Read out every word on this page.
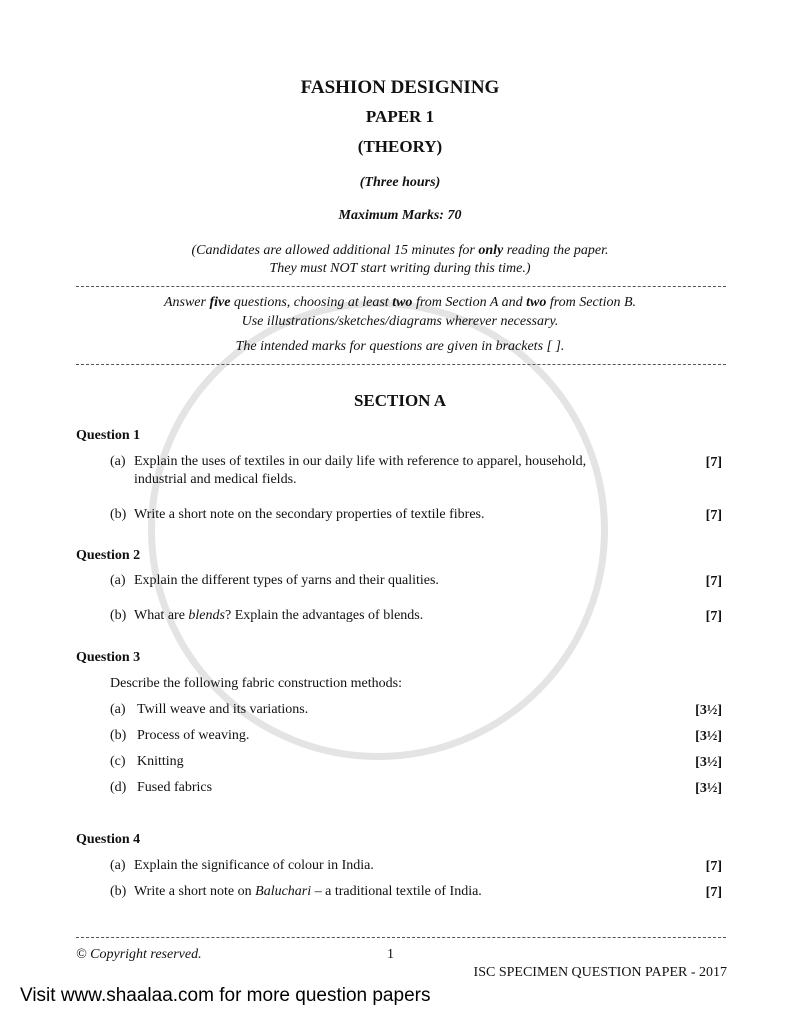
FASHION DESIGNING
PAPER 1
(THEORY)
(Three hours)
Maximum Marks: 70
(Candidates are allowed additional 15 minutes for only reading the paper.
They must NOT start writing during this time.)
Answer five questions, choosing at least two from Section A and two from Section B.
Use illustrations/sketches/diagrams wherever necessary.
The intended marks for questions are given in brackets [ ].
SECTION A
Question 1
(a) Explain the uses of textiles in our daily life with reference to apparel, household,
industrial and medical fields.
[7]
(b) Write a short note on the secondary properties of textile fibres.	[7]
Question 2
(a) Explain the different types of yarns and their qualities.	[7]
(b) What are blends? Explain the advantages of blends.	[7]
Question 3
Describe the following fabric construction methods:
(a) Twill weave and its variations.	[3½]
(b) Process of weaving.	[3½]
(c) Knitting	[3½]
(d) Fused fabrics	[3½]
Question 4
(a) Explain the significance of colour in India.	[7]
(b) Write a short note on Baluchari – a traditional textile of India.	[7]
© Copyright reserved.	1
ISC SPECIMEN QUESTION PAPER - 2017
Visit www.shaalaa.com for more question papers
